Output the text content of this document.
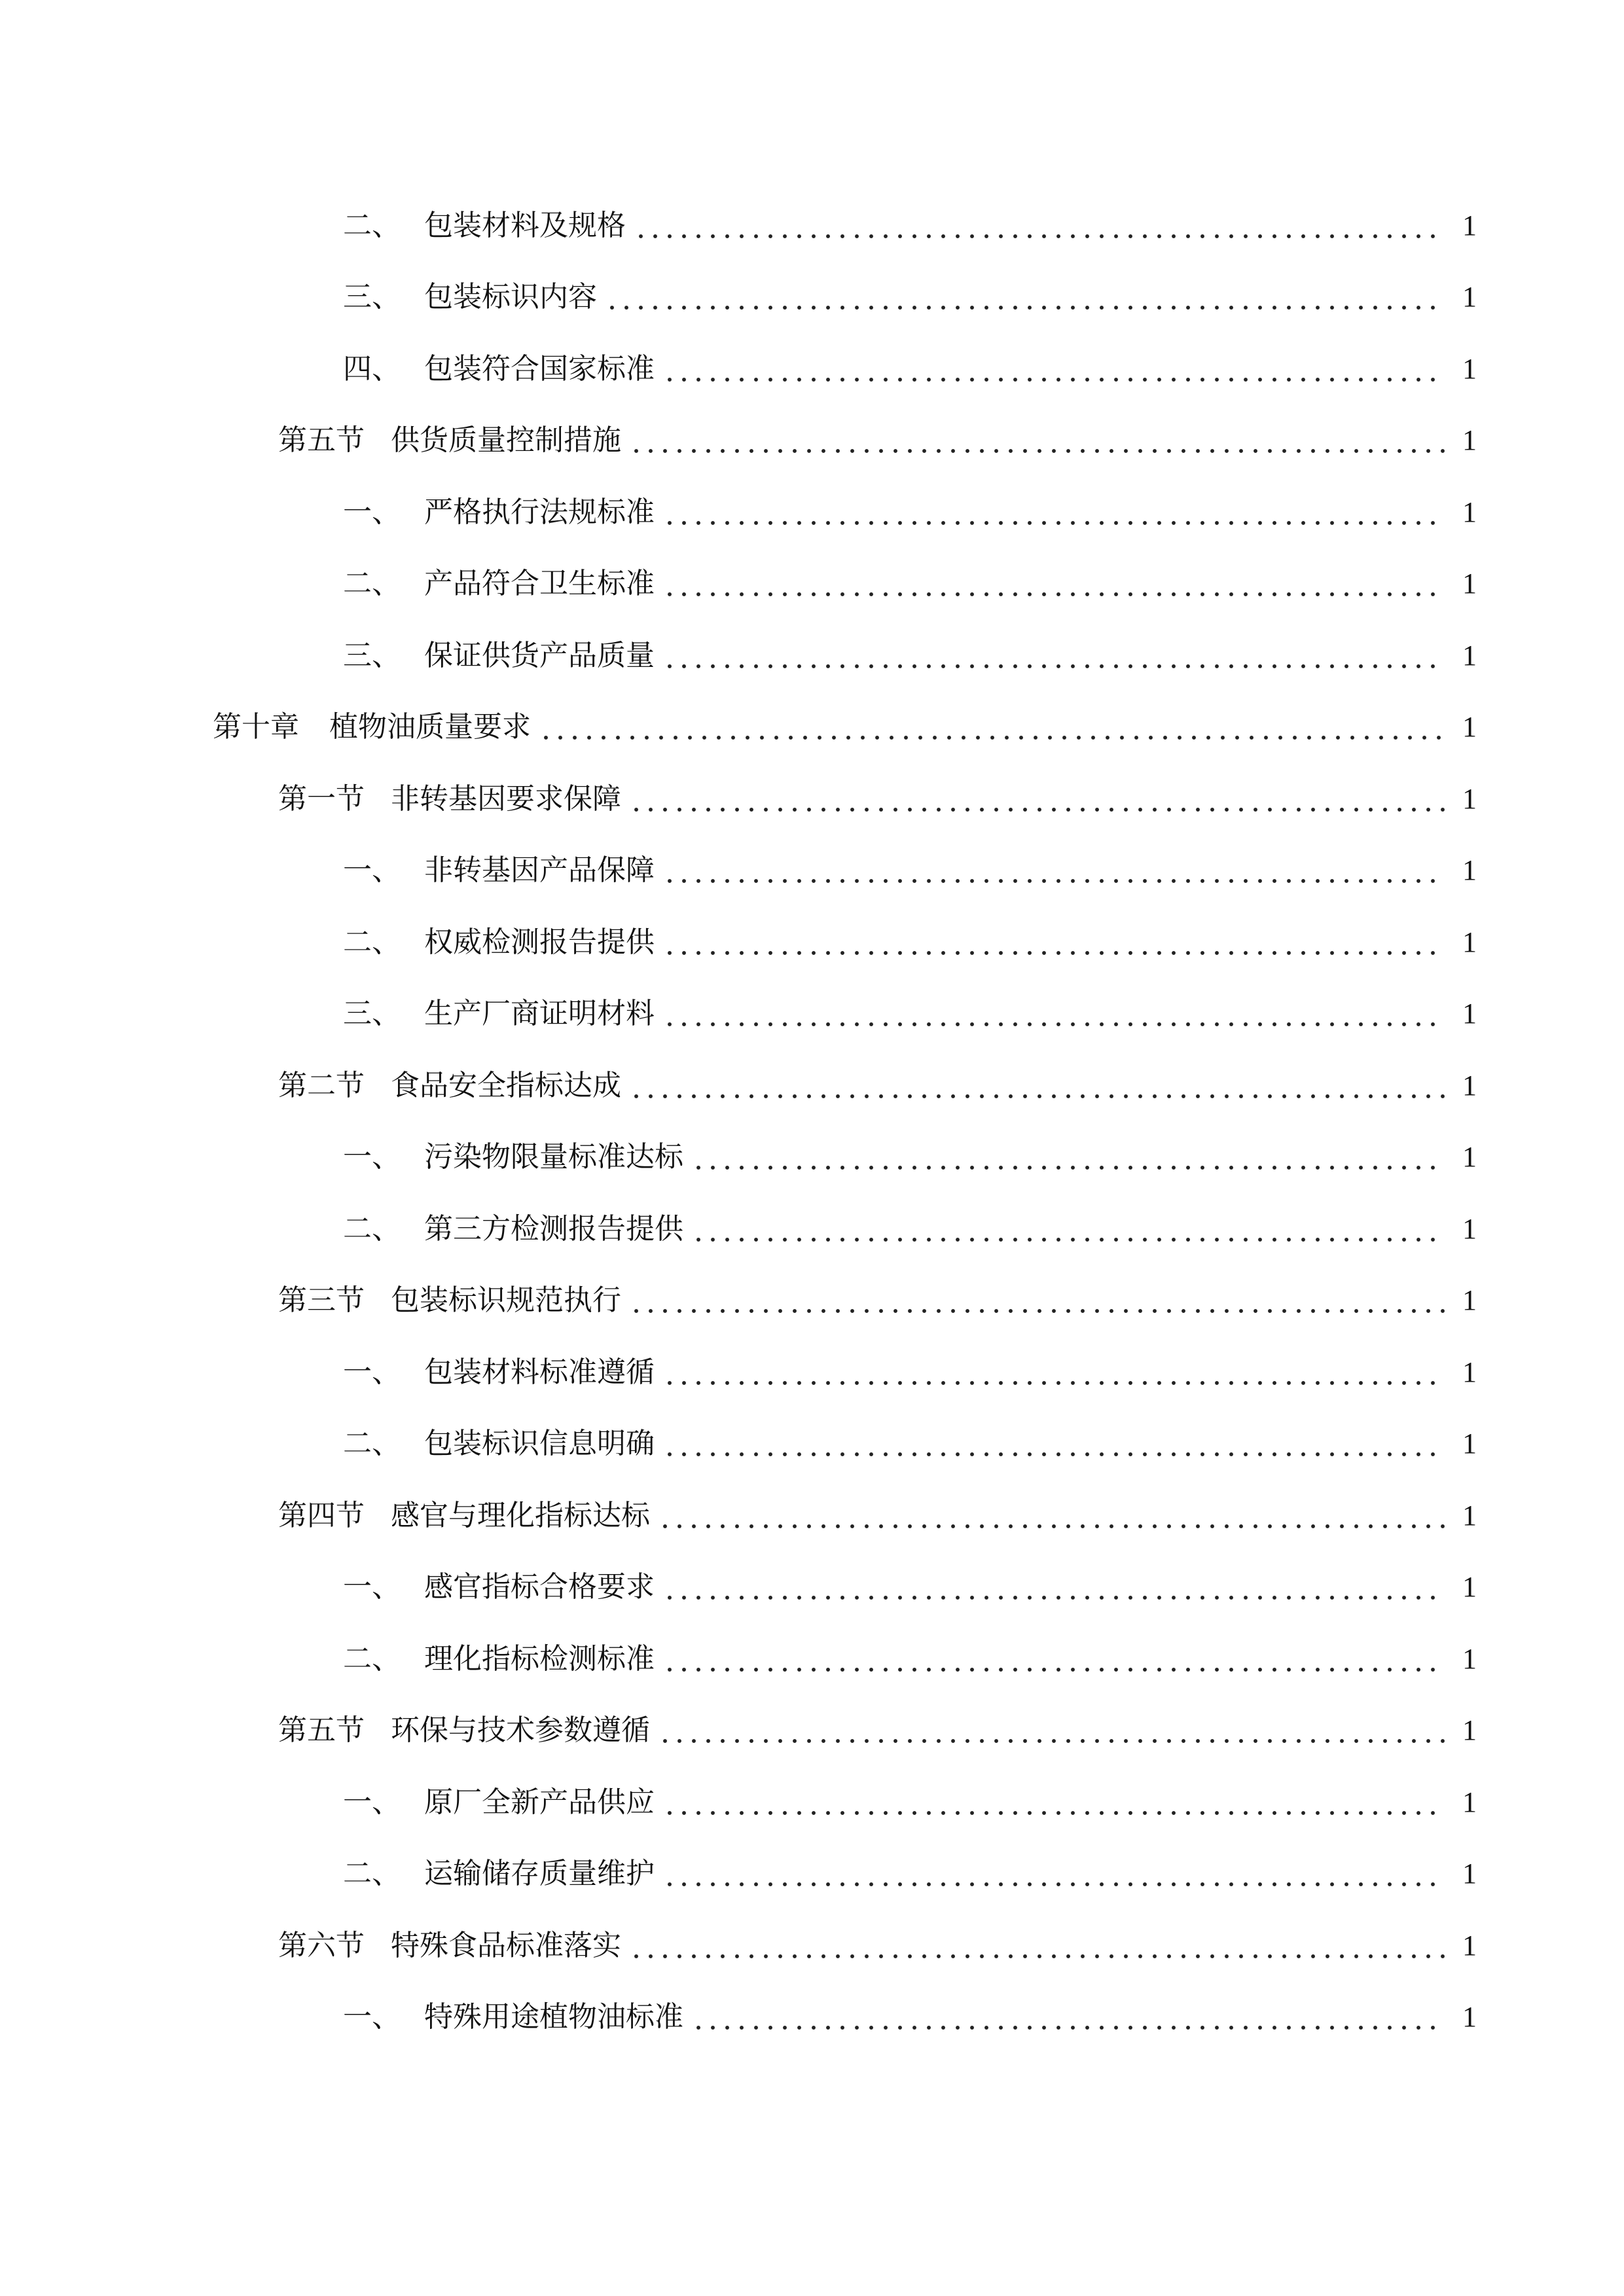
二、 包装材料及规格	1
三、 包装标识内容	1
四、 包装符合国家标准	1
第五节 供货质量控制措施	1
一、 严格执行法规标准	1
二、 产品符合卫生标准	1
三、 保证供货产品质量	1
第十章	植物油质量要求	1
第一节 非转基因要求保障	1
一、 非转基因产品保障	1
二、 权威检测报告提供	1
三、 生产厂商证明材料	1
第二节 食品安全指标达成	1
一、 污染物限量标准达标	1
二、 第三方检测报告提供	1
第三节 包装标识规范执行	1
一、 包装材料标准遵循	1
二、 包装标识信息明确	1
第四节 感官与理化指标达标	1
一、 感官指标合格要求	1
二、 理化指标检测标准	1
第五节 环保与技术参数遵循	1
一、 原厂全新产品供应	1
二、 运输储存质量维护	1
第六节 特殊食品标准落实	1
一、 特殊用途植物油标准	1
